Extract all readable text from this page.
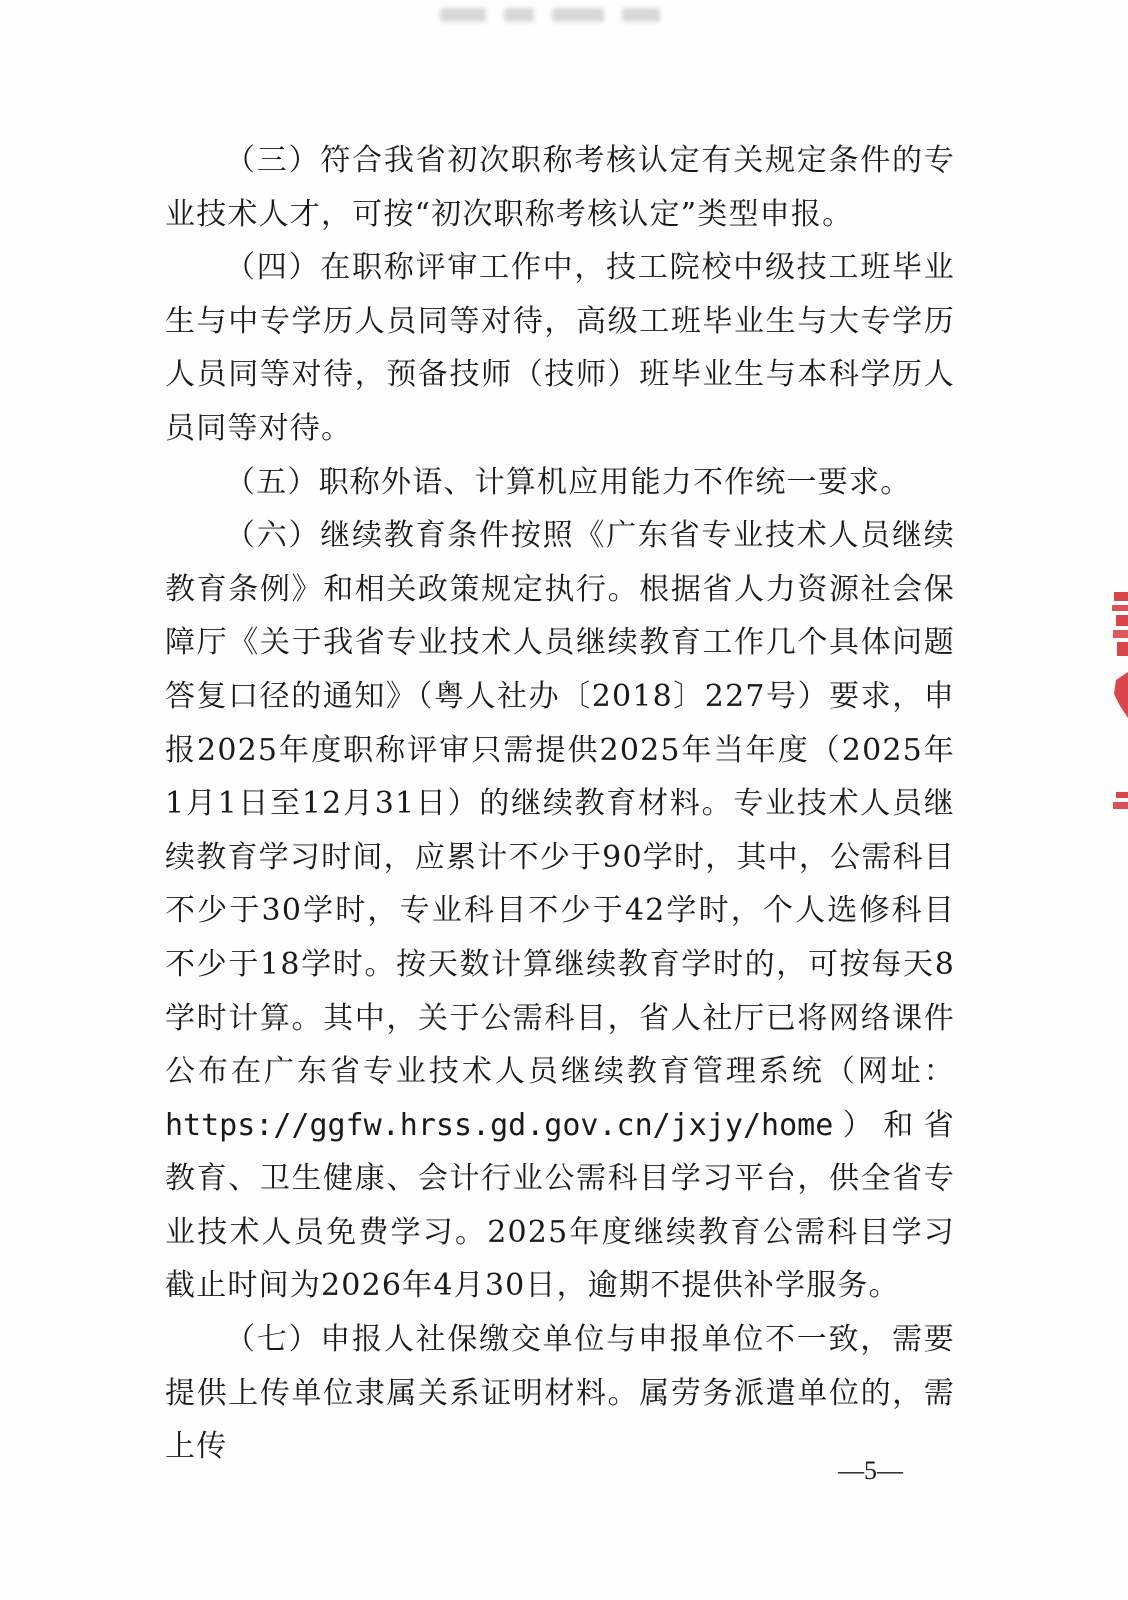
（三）符合我省初次职称考核认定有关规定条件的专业技术人才，可按“初次职称考核认定”类型申报。

（四）在职称评审工作中，技工院校中级技工班毕业生与中专学历人员同等对待，高级工班毕业生与大专学历人员同等对待，预备技师（技师）班毕业生与本科学历人员同等对待。

（五）职称外语、计算机应用能力不作统一要求。

（六）继续教育条件按照《广东省专业技术人员继续教育条例》和相关政策规定执行。根据省人力资源社会保障厅《关于我省专业技术人员继续教育工作几个具体问题答复口径的通知》（粤人社办〔2018〕227号）要求，申报2025年度职称评审只需提供2025年当年度（2025年1月1日至12月31日）的继续教育材料。专业技术人员继续教育学习时间，应累计不少于90学时，其中，公需科目不少于30学时，专业科目不少于42学时，个人选修科目不少于18学时。按天数计算继续教育学时的，可按每天8学时计算。其中，关于公需科目，省人社厅已将网络课件公布在广东省专业技术人员继续教育管理系统（网址：https://ggfw.hrss.gd.gov.cn/jxjy/home）和省教育、卫生健康、会计行业公需科目学习平台，供全省专业技术人员免费学习。2025年度继续教育公需科目学习截止时间为2026年4月30日，逾期不提供补学服务。

（七）申报人社保缴交单位与申报单位不一致，需要提供上传单位隶属关系证明材料。属劳务派遣单位的，需上传

—5—
